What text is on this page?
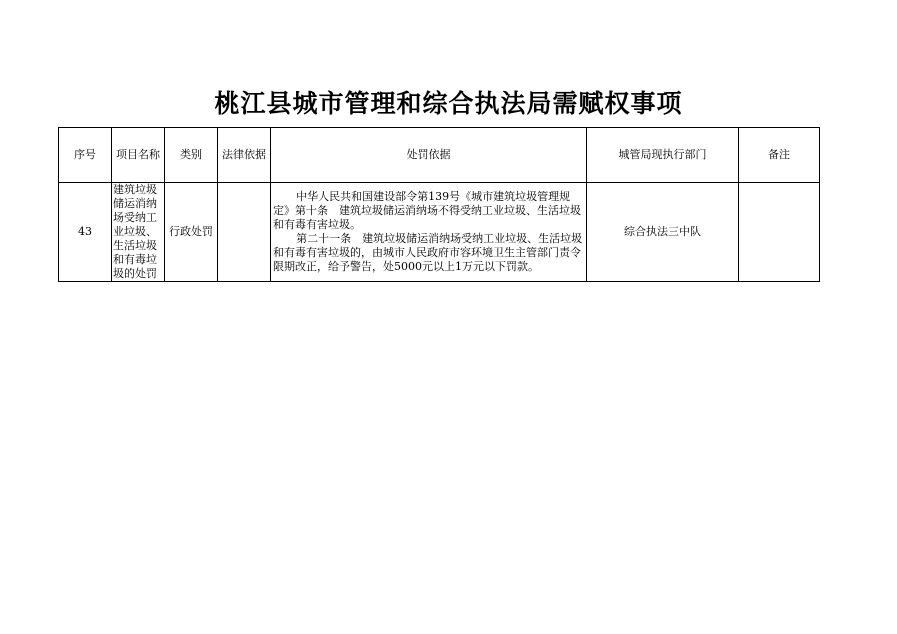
桃江县城市管理和综合执法局需赋权事项
序号	项目名称	类别	法律依据	处罚依据	城管局现执行部门	备注
43	建筑垃圾储运消纳场受纳工业垃圾、生活垃圾和有毒垃圾的处罚	行政处罚		中华人民共和国建设部令第139号《城市建筑垃圾管理规定》第十条　建筑垃圾储运消纳场不得受纳工业垃圾、生活垃圾和有毒有害垃圾。
第二十一条　建筑垃圾储运消纳场受纳工业垃圾、生活垃圾和有毒有害垃圾的，由城市人民政府市容环境卫生主管部门责令限期改正，给予警告，处5000元以上1万元以下罚款。	综合执法三中队	
